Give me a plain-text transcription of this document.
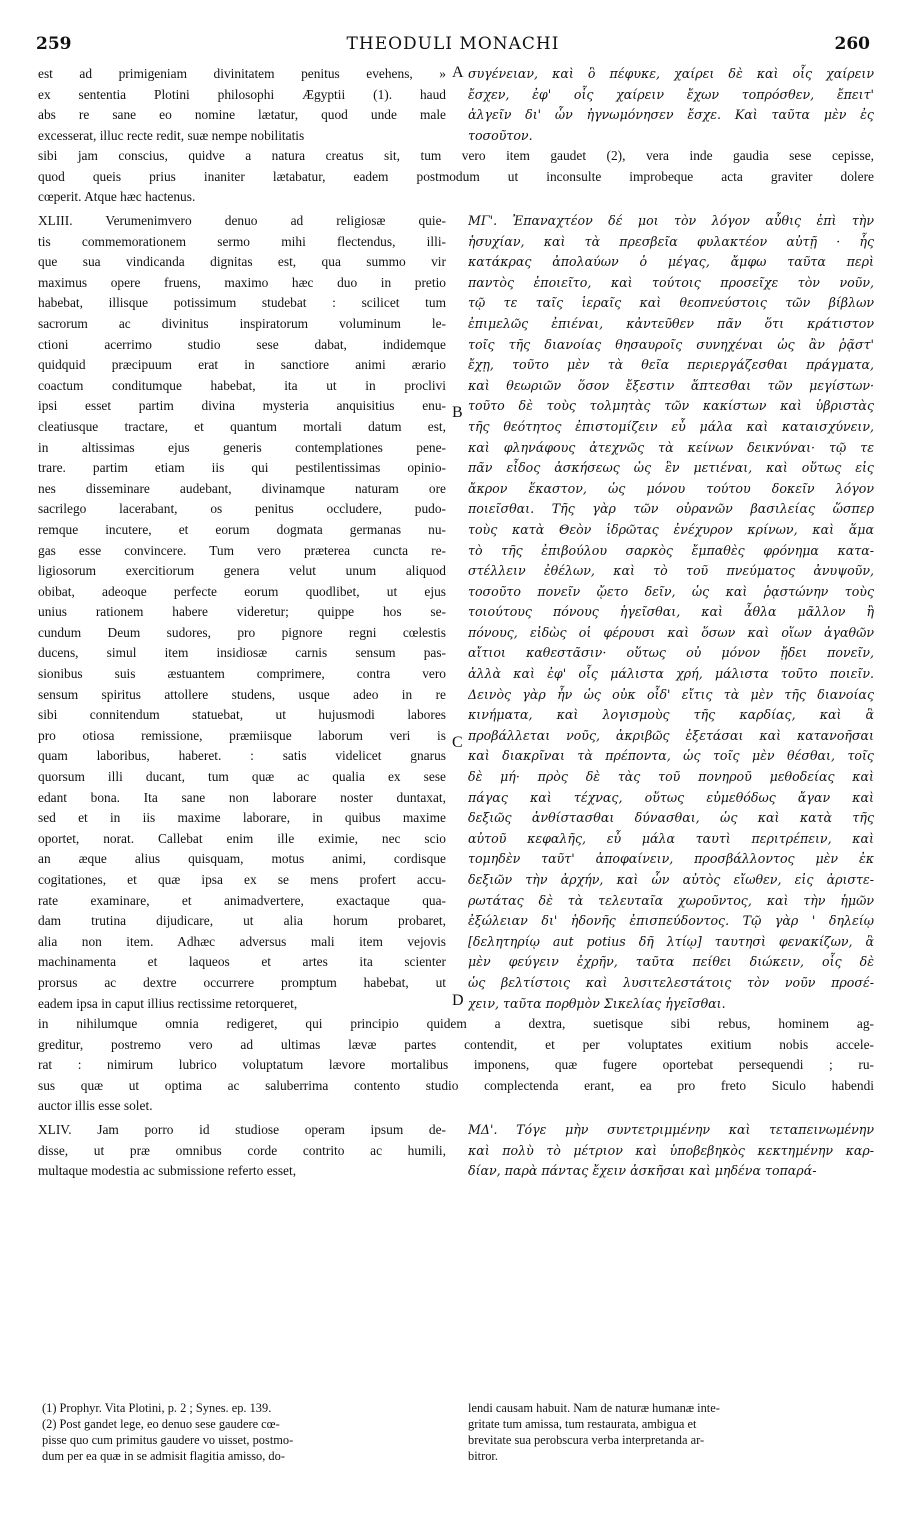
259	THEODULI MONACHI	260
est ad primigeniam divinitatem penitus evehens, »
ex sententia Plotini philosophi Ægyptii (1). haud
abs re sane eo nomine lætatur, quod unde male
excesserat, illuc recte redit, suæ nempe nobilitatis
συγένειαν, καὶ ὃ πέφυκε, χαίρει δὲ καὶ οἷς χαίρειν
ἔσχεν, ἐφ' οἷς χαίρειν ἔχων τοπρόσθεν, ἔπειτ'
ἀλγεῖν δι' ὧν ἠγνωμόνησεν ἔσχε. Καὶ ταῦτα μὲν ἐς
τοσοῦτον.
sibi jam conscius, quidve a natura creatus sit, tum vero item gaudet (2), vera inde gaudia sese cepisse,
quod queis prius inaniter lætabatur, eadem postmodum ut inconsulte improbeque acta graviter dolere
cœperit. Atque hæc hactenus.
XLIII. Verumenimvero denuo ad religiosæ quie-
tis commemorationem sermo mihi flectendus, illi-
que sua vindicanda dignitas est, qua summo vir
maximus opere fruens, maximo hæc duo in pretio
habebat, illisque potissimum studebat : scilicet tum
sacrorum ac divinitus inspiratorum voluminum le-
ctioni acerrimo studio sese dabat, indidemque
quidquid præcipuum erat in sanctiore animi ærario
coactum conditumque habebat, ita ut in proclivi
ipsi esset partim divina mysteria anquisitius enu-
cleatiusque tractare, et quantum mortali datum est,
in altissimas ejus generis contemplationes pene-
trare. partim etiam iis qui pestilentissimas opinio-
nes disseminare audebant, divinamque naturam ore
sacrilego lacerabant, os penitus occludere, pudo-
remque incutere, et eorum dogmata germanas nu-
gas esse convincere. Tum vero præterea cuncta re-
ligiosorum exercitiorum genera velut unum aliquod
obibat, adeoque perfecte eorum quodlibet, ut ejus
unius rationem habere videretur; quippe hos se-
cundum Deum sudores, pro pignore regni cœlestis
ducens, simul item insidiosæ carnis sensum pas-
sionibus suis æstuantem comprimere, contra vero
sensum spiritus attollere studens, usque adeo in re
sibi connitendum statuebat, ut hujusmodi labores
pro otiosa remissione, præmiisque laborum veri is
quam laboribus, haberet. : satis videlicet gnarus
quorsum illi ducant, tum quæ ac qualia ex sese
edant bona. Ita sane non laborare noster duntaxat,
sed et in iis maxime laborare, in quibus maxime
oportet, norat. Callebat enim ille eximie, nec scio
an æque alius quisquam, motus animi, cordisque
cogitationes, et quæ ipsa ex se mens profert accu-
rate examinare, et animadvertere, exactaque qua-
dam trutina dijudicare, ut alia horum probaret,
alia non item. Adhæc adversus mali item vejovis
machinamenta et laqueos et artes ita scienter
prorsus ac dextre occurrere promptum habebat, ut
eadem ipsa in caput illius rectissime retorqueret,
ΜΓ'. Ἐπαναχτέον δέ μοι τὸν λόγον αὖθις ἐπὶ τὴν
ἡσυχίαν, καὶ τὰ πρεσβεῖα φυλακτέον αὐτῇ · ἧς
κατάκρας ἀπολαύων ὁ μέγας, ἄμφω ταῦτα περὶ
παντὸς ἐποιεῖτο, καὶ τούτοις προσεῖχε τὸν νοῦν,
τῷ τε ταῖς ἱεραῖς καὶ θεοπνεύστοις τῶν βίβλων
ἐπιμελῶς ἐπιέναι, κἀντεῦθεν πᾶν ὅτι κράτιστον
τοῖς τῆς διανοίας θησαυροῖς συνηχέναι ὡς ἂν ῥᾷστ'
ἔχῃ, τοῦτο μὲν τὰ θεῖα περιεργάζεσθαι πράγματα,
καὶ θεωριῶν ὅσον ἔξεστιν ἅπτεσθαι τῶν μεγίστων·
τοῦτο δὲ τοὺς τολμητὰς τῶν κακίστων καὶ ὑβριστὰς
τῆς θεότητος ἐπιστομίζειν εὖ μάλα καὶ καταισχύνειν,
καὶ φληνάφους ἀτεχνῶς τὰ κείνων δεικνύναι· τῷ τε
πᾶν εἶδος ἀσκήσεως ὡς ἓν μετιέναι, καὶ οὕτως εἰς
ἄκρον ἕκαστον, ὡς μόνου τούτου δοκεῖν λόγον
ποιεῖσθαι. Τῆς γὰρ τῶν οὐρανῶν βασιλείας ὥσπερ
τοὺς κατὰ Θεὸν ἱδρῶτας ἐνέχυρον κρίνων, καὶ ἅμα
τὸ τῆς ἐπιβούλου σαρκὸς ἔμπαθὲς φρόνημα κατα-
στέλλειν ἐθέλων, καὶ τὸ τοῦ πνεύματος ἀνυψοῦν,
τοσοῦτο πονεῖν ᾤετο δεῖν, ὡς καὶ ῥᾳστώνην τοὺς
τοιούτους πόνους ἡγεῖσθαι, καὶ ἆθλα μᾶλλον ἢ
πόνους, εἰδὼς οἱ φέρουσι καὶ ὅσων καὶ οἵων ἀγαθῶν
αἴτιοι καθεστᾶσιν· οὕτως οὐ μόνον ᾔδει πονεῖν,
ἀλλὰ καὶ ἐφ' οἷς μάλιστα χρή, μάλιστα τοῦτο ποιεῖν.
Δεινὸς γὰρ ἦν ὡς οὐκ οἶδ' εἴτις τὰ μὲν τῆς διανοίας
κινήματα, καὶ λογισμοὺς τῆς καρδίας, καὶ ἃ
προβάλλεται νοῦς, ἀκριβῶς ἐξετάσαι καὶ κατανοῆσαι
καὶ διακρῖναι τὰ πρέποντα, ὡς τοῖς μὲν θέσθαι, τοῖς
δὲ μή· πρὸς δὲ τὰς τοῦ πονηροῦ μεθοδείας καὶ
πάγας καὶ τέχνας, οὕτως εὐμεθόδως ἄγαν καὶ
δεξιῶς ἀνθίστασθαι δύνασθαι, ὡς καὶ κατὰ τῆς
αὐτοῦ κεφαλῆς, εὖ μάλα ταυτὶ περιτρέπειν, καὶ
τομηδὲν ταῦτ' ἀποφαίνειν, προσβάλλοντος μὲν ἐκ
δεξιῶν τὴν ἀρχήν, καὶ ὧν αὐτὸς εἴωθεν, εἰς ἀριστε-
ρωτάτας δὲ τὰ τελευταῖα χωροῦντος, καὶ τὴν ἡμῶν
ἐξώλειαν δι' ἡδονῆς ἐπισπεύδοντος. Τῷ γὰρ ' δηλείῳ
[δελητηρίῳ aut potius δῆ λτίῳ] ταυτησὶ φενακίζων, ἃ
μὲν φεύγειν ἐχρῆν, ταῦτα πείθει διώκειν, οἷς δὲ
ὡς βελτίστοις καὶ λυσιτελεστάτοις τὸν νοῦν προσέ-
χειν, ταῦτα πορθμὸν Σικελίας ἡγεῖσθαι.
in nihilumque omnia redigeret, qui principio quidem a dextra, suetisque sibi rebus, hominem ag-
greditur, postremo vero ad ultimas lævæ partes contendit, et per voluptates exitium nobis accele-
rat : nimirum lubrico voluptatum lævore mortalibus imponens, quæ fugere oportebat persequendi ; ru-
sus quæ ut optima ac saluberrima contento studio complectenda erant, ea pro freto Siculo habendi
auctor illis esse solet.
XLIV. Jam porro id studiose operam ipsum de-
disse, ut præ omnibus corde contrito ac humili,
multaque modestia ac submissione referto esset,
ΜΔ'. Τόγε μὴν συντετριμμένην καὶ τεταπεινωμένην
καὶ πολὺ τὸ μέτριον καὶ ὑποβεβηκὸς κεκτημένην καρ-
δίαν, παρὰ πάντας ἔχειν ἀσκῆσαι καὶ μηδένα τοπαρά-
(1) Prophyr. Vita Plotini, p. 2 ; Synes. ep. 139.
(2) Post gandet lege, eo denuo sese gaudere cœ-
pisse quo cum primitus gaudere vo uisset, postmo-
dum per ea quæ in se admisit flagitia amisso, do-
lendi causam habuit. Nam de naturæ humanæ inte-
gritate tum amissa, tum restaurata, ambigua et
brevitate sua perobscura verba interpretanda ar-
bitror.
A
B
C
D
